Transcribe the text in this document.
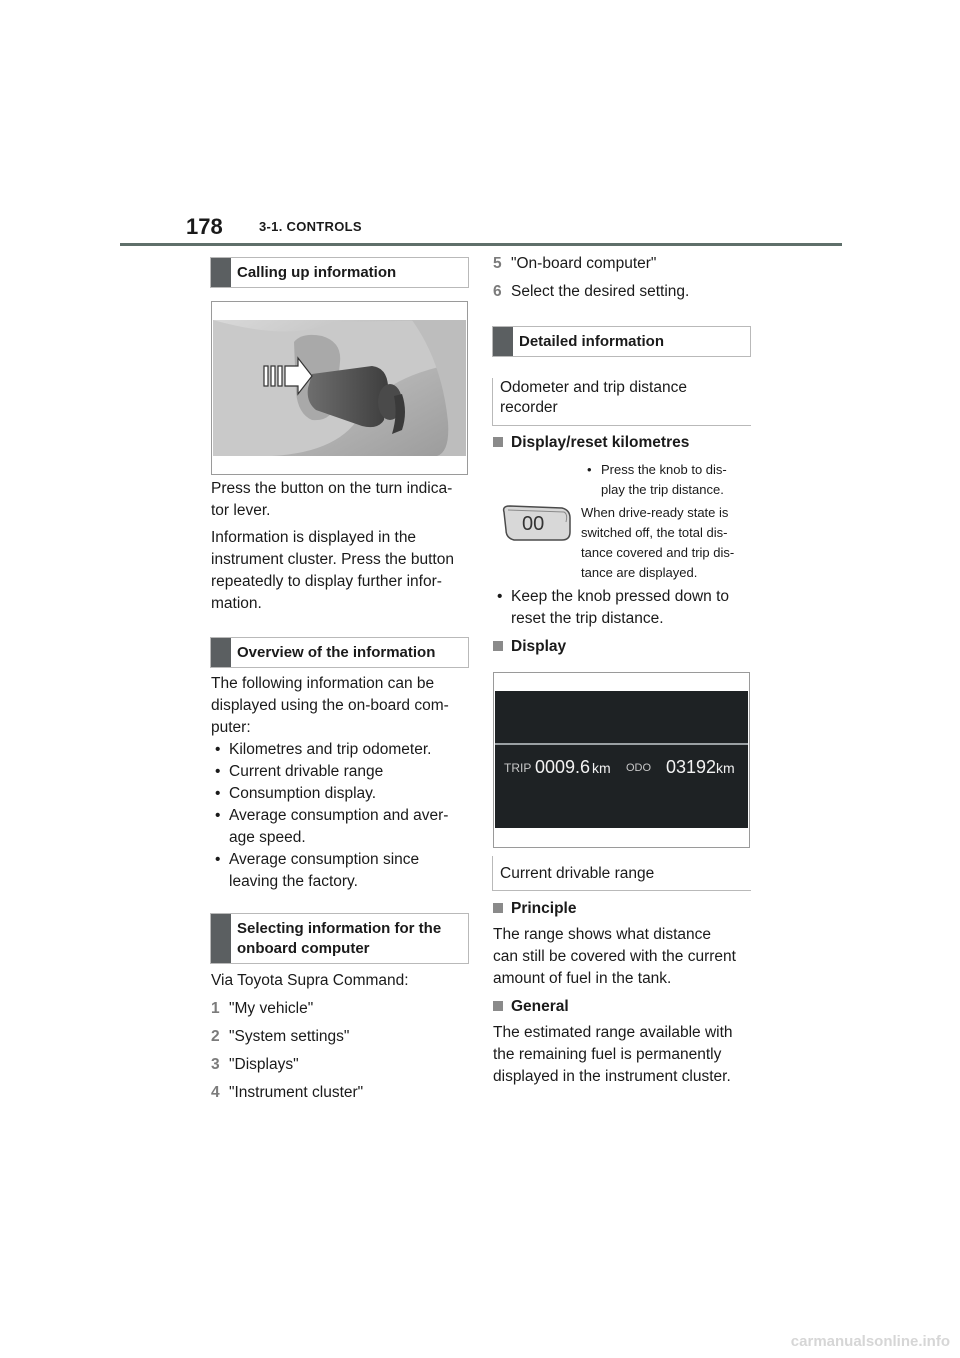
178	3-1. CONTROLS
Calling up information
Press the button on the turn indica-
tor lever.
Information is displayed in the
instrument cluster. Press the button
repeatedly to display further infor-
mation.
Overview of the information
The following information can be
displayed using the on-board com-
puter:
• Kilometres and trip odometer.
• Current drivable range
• Consumption display.
• Average consumption and aver-
age speed.
• Average consumption since
leaving the factory.
Selecting information for the
onboard computer
Via Toyota Supra Command:
1 "My vehicle"
2 "System settings"
3 "Displays"
4 "Instrument cluster"
5 "On-board computer"
6 Select the desired setting.
Detailed information
Odometer and trip distance
recorder
Display/reset kilometres
00
• Press the knob to dis-
play the trip distance.
When drive-ready state is
switched off, the total dis-
tance covered and trip dis-
tance are displayed.
• Keep the knob pressed down to
reset the trip distance.
Display
TRIP 0009.6 km ODO 03192 km
Current drivable range
Principle
The range shows what distance
can still be covered with the current
amount of fuel in the tank.
General
The estimated range available with
the remaining fuel is permanently
displayed in the instrument cluster.
carmanualsonline.info
